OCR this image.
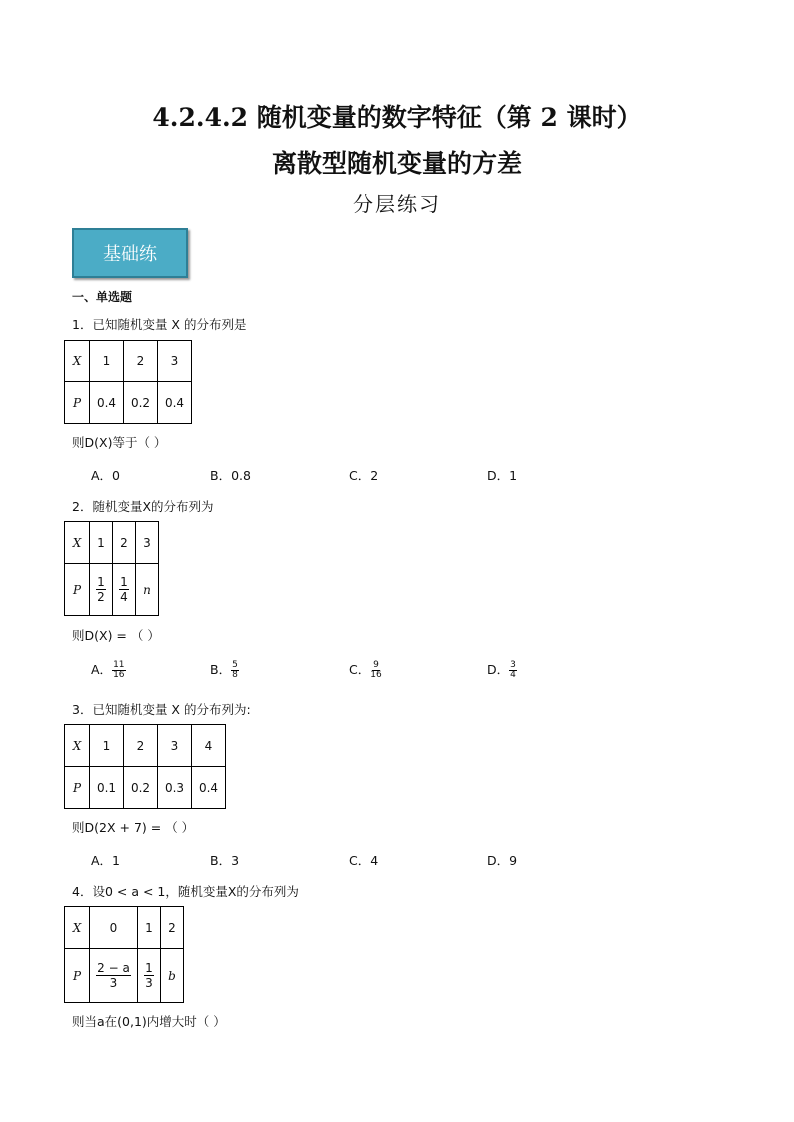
4.2.4.2 随机变量的数字特征（第 2 课时）
离散型随机变量的方差
分层练习
基础练
一、单选题
1．已知随机变量 X 的分布列是
X	1	2	3
P	0.4	0.2	0.4
则D(X)等于（ ）
A．0	B．0.8	C．2	D．1
2．随机变量X的分布列为
X	1	2	3
P	$\frac{1}{2}$	$\frac{1}{4}$	n
则D(X) = （ ）
A． $\frac{11}{16}$	B． $\frac{5}{8}$	C． $\frac{9}{16}$	D． $\frac{3}{4}$
3．已知随机变量 X 的分布列为:
X	1	2	3	4
P	0.1	0.2	0.3	0.4
则D(2X + 7) = （ ）
A．1	B．3	C．4	D．9
4．设0 < a < 1，随机变量X的分布列为
X	0	1	2
P	$\frac{2 - a}{3}$	$\frac{1}{3}$	b
则当a在(0,1)内增大时（ ）
